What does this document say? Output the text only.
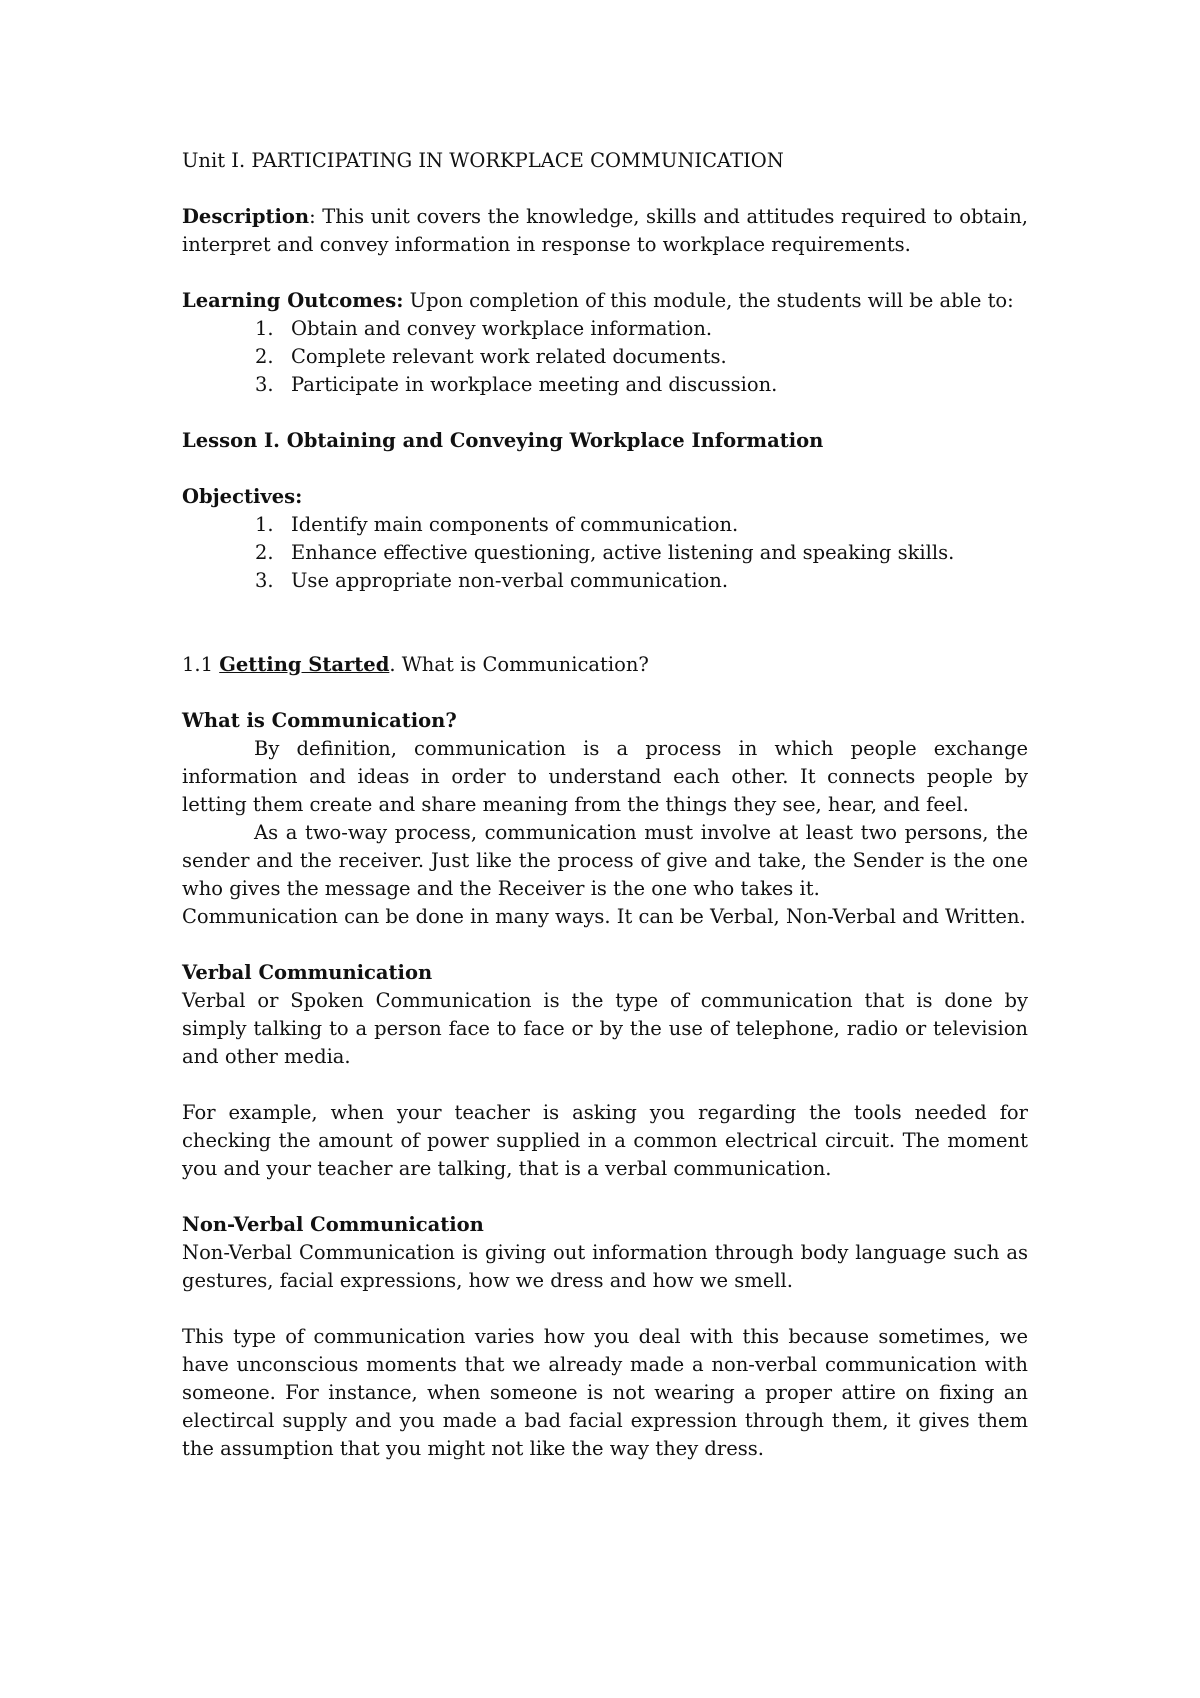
Unit I. PARTICIPATING IN WORKPLACE COMMUNICATION

Description: This unit covers the knowledge, skills and attitudes required to obtain, interpret and convey information in response to workplace requirements.

Learning Outcomes: Upon completion of this module, the students will be able to:

1. Obtain and convey workplace information.
2. Complete relevant work related documents.
3. Participate in workplace meeting and discussion.

Lesson I. Obtaining and Conveying Workplace Information

Objectives:

1. Identify main components of communication.
2. Enhance effective questioning, active listening and speaking skills.
3. Use appropriate non-verbal communication.

1.1 Getting Started. What is Communication?

What is Communication?

By definition, communication is a process in which people exchange information and ideas in order to understand each other. It connects people by letting them create and share meaning from the things they see, hear, and feel.

As a two-way process, communication must involve at least two persons, the sender and the receiver. Just like the process of give and take, the Sender is the one who gives the message and the Receiver is the one who takes it.

Communication can be done in many ways. It can be Verbal, Non-Verbal and Written.

Verbal Communication

Verbal or Spoken Communication is the type of communication that is done by simply talking to a person face to face or by the use of telephone, radio or television and other media.

For example, when your teacher is asking you regarding the tools needed for checking the amount of power supplied in a common electrical circuit. The moment you and your teacher are talking, that is a verbal communication.

Non-Verbal Communication

Non-Verbal Communication is giving out information through body language such as gestures, facial expressions, how we dress and how we smell.

This type of communication varies how you deal with this because sometimes, we have unconscious moments that we already made a non-verbal communication with someone. For instance, when someone is not wearing a proper attire on fixing an electircal supply and you made a bad facial expression through them, it gives them the assumption that you might not like the way they dress.
